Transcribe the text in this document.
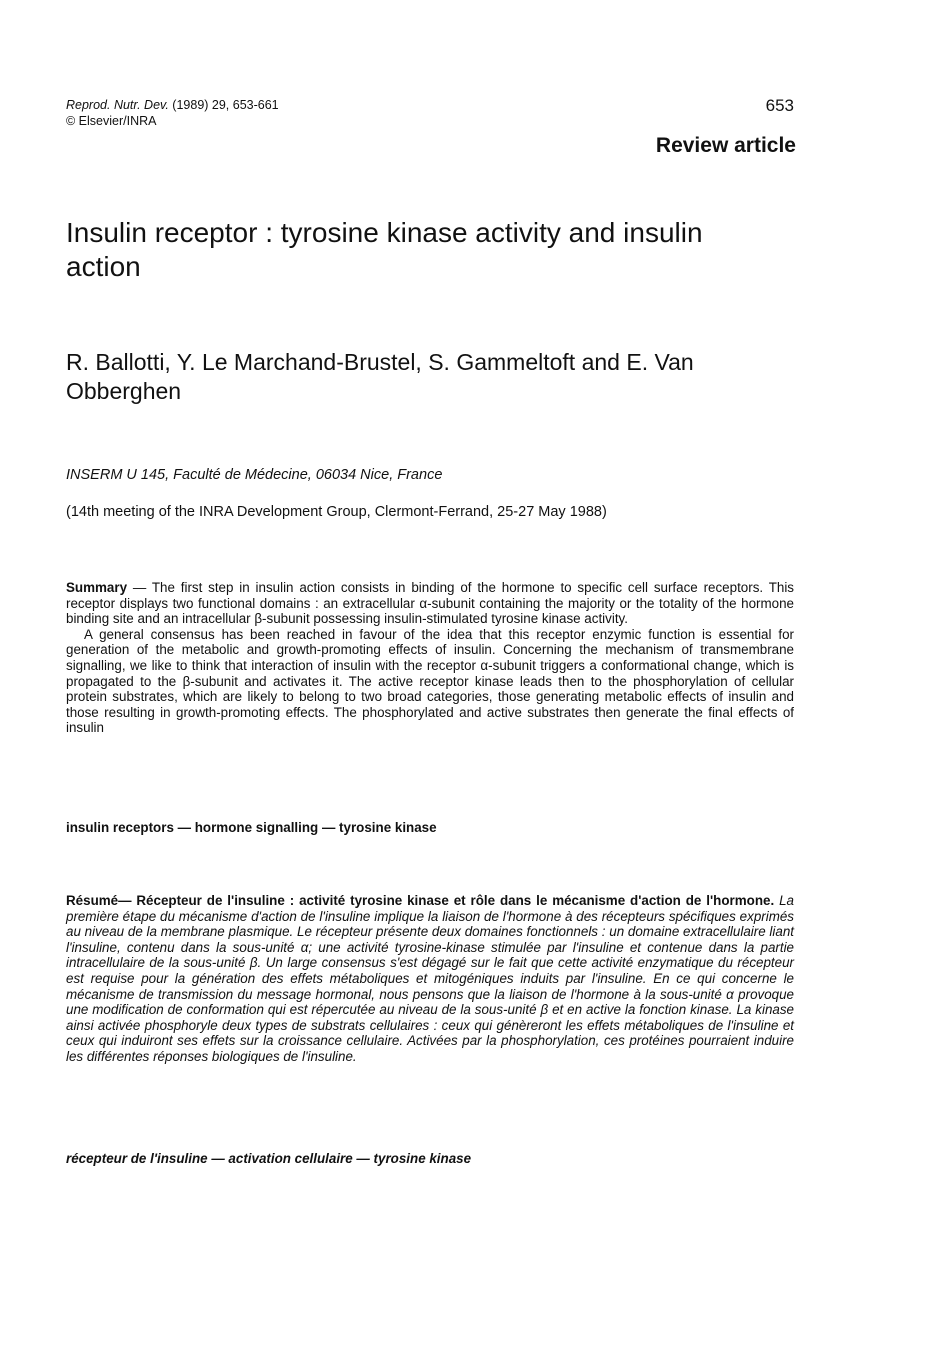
Reprod. Nutr. Dev. (1989) 29, 653-661
© Elsevier/INRA
653
Review article
Insulin receptor : tyrosine kinase activity and insulin action
R. Ballotti, Y. Le Marchand-Brustel, S. Gammeltoft and E. Van Obberghen
INSERM U 145, Faculté de Médecine, 06034 Nice, France
(14th meeting of the INRA Development Group, Clermont-Ferrand, 25-27 May 1988)

Summary — The first step in insulin action consists in binding of the hormone to specific cell surface receptors. This receptor displays two functional domains : an extracellular α-subunit containing the majority or the totality of the hormone binding site and an intracellular β-subunit possessing insulin-stimulated tyrosine kinase activity.

A general consensus has been reached in favour of the idea that this receptor enzymic function is essential for generation of the metabolic and growth-promoting effects of insulin. Concerning the mechanism of transmembrane signalling, we like to think that interaction of insulin with the receptor α-subunit triggers a conformational change, which is propagated to the β-subunit and activates it. The active receptor kinase leads then to the phosphorylation of cellular protein substrates, which are likely to belong to two broad categories, those generating metabolic effects of insulin and those resulting in growth-promoting effects. The phosphorylated and active substrates then generate the final effects of insulin

insulin receptors — hormone signalling — tyrosine kinase
Résumé— Récepteur de l'insuline : activité tyrosine kinase et rôle dans le mécanisme d'action de l'hormone. La première étape du mécanisme d'action de l'insuline implique la liaison de l'hormone à des récepteurs spécifiques exprimés au niveau de la membrane plasmique. Le récepteur présente deux domaines fonctionnels : un domaine extracellulaire liant l'insuline, contenu dans la sous-unité α; une activité tyrosine-kinase stimulée par l'insuline et contenue dans la partie intracellulaire de la sous-unité β. Un large consensus s'est dégagé sur le fait que cette activité enzymatique du récepteur est requise pour la génération des effets métaboliques et mitogéniques induits par l'insuline. En ce qui concerne le mécanisme de transmission du message hormonal, nous pensons que la liaison de l'hormone à la sous-unité α provoque une modification de conformation qui est répercutée au niveau de la sous-unité β et en active la fonction kinase. La kinase ainsi activée phosphoryle deux types de substrats cellulaires : ceux qui génèreront les effets métaboliques de l'insuline et ceux qui induiront ses effets sur la croissance cellulaire. Activées par la phosphorylation, ces protéines pourraient induire les différentes réponses biologiques de l'insuline.
récepteur de l'insuline — activation cellulaire — tyrosine kinase
